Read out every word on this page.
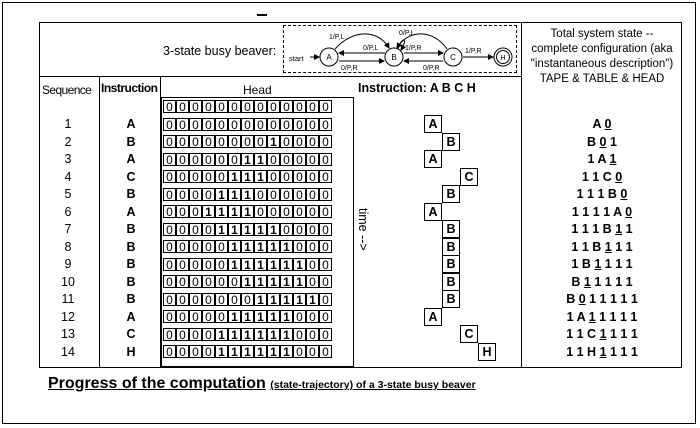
3-state busy beaver:
start	A	B	C	H
1/P,L
0/P,L
0/P,R
1/P,R
0/P,R
0/P,L
1/P,R
Sequence Instruction	Head	Instruction: A B C H
Total system state --
complete configuration (aka
"instantaneous description")
TAPE & TABLE & HEAD
0 0 0 0 0 0 0 0 0 0 0 0 0
1	A	0 0 0 0 0 0 0 0 0 0 0 0 0	A	A 0
2	B	0 0 0 0 0 0 0 0 1 0 0 0 0	B	B 0 1
3	A	0 0 0 0 0 0 1 1 0 0 0 0 0	A	1 A 1
4	C	0 0 0 0 0 1 1 1 0 0 0 0 0	C	1 1 C 0
5	B	0 0 0 0 1 1 1 0 0 0 0 0 0	B	1 1 1 B 0
6	A	0 0 0 1 1 1 1 0 0 0 0 0 0	A	1 1 1 1 A 0
7	B	0 0 0 0 1 1 1 1 1 0 0 0 0	B	1 1 1 B 1 1
8	B	0 0 0 0 0 1 1 1 1 1 0 0 0	B	1 1 B 1 1 1
9	B	0 0 0 0 0 1 1 1 1 1 1 0 0	B	1 B 1 1 1 1
10	B	0 0 0 0 0 0 1 1 1 1 1 0 0	B	B 1 1 1 1 1
11	B	0 0 0 0 0 0 0 1 1 1 1 1 0	B	B 0 1 1 1 1 1
12	A	0 0 0 0 0 1 1 1 1 1 0 0 0	A	1 A 1 1 1 1 1
13	C	0 0 0 0 1 1 1 1 1 1 0 0 0	C	1 1 C 1 1 1 1
14	H	0 0 0 0 1 1 1 1 1 1 0 0 0	H	1 1 H 1 1 1 1
time -->
Progress of the computation (state-trajectory) of a 3-state busy beaver
